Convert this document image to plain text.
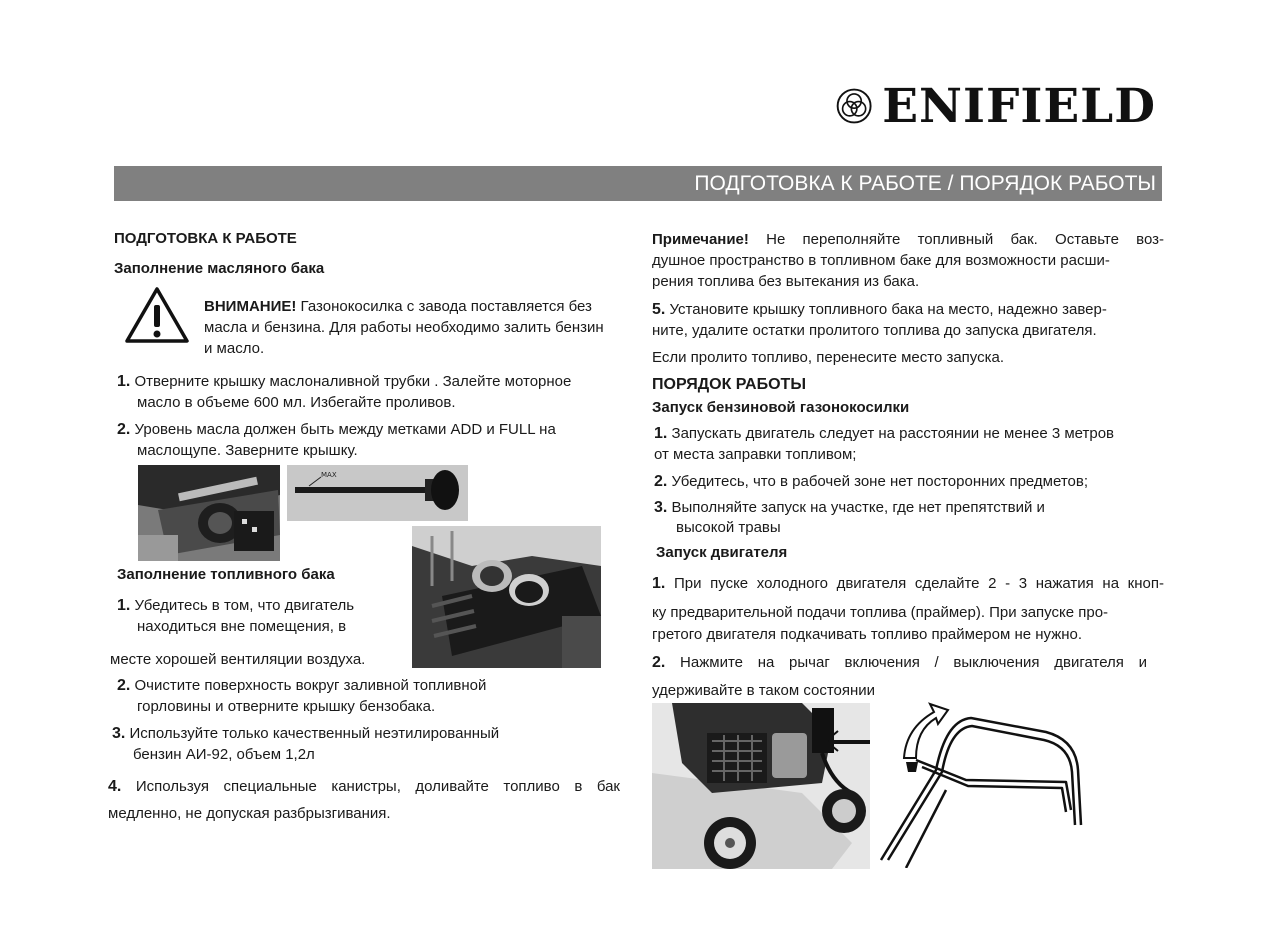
ENIFIELD
ПОДГОТОВКА К РАБОТЕ / ПОРЯДОК РАБОТЫ
ПОДГОТОВКА К РАБОТЕ
Заполнение масляного бака
ВНИМАНИЕ! Газонокосилка с завода поставляется без
масла и бензина. Для работы необходимо залить бензин
и масло.
1. Отверните крышку маслоналивной трубки . Залейте моторное
масло в объеме 600 мл. Избегайте проливов.
2. Уровень масла должен быть между метками ADD и FULL на
маслощупе. Заверните крышку.
MAX
Заполнение топливного бака
1. Убедитесь в том, что двигатель
находиться вне помещения, в
месте хорошей вентиляции воздуха.
2. Очистите поверхность вокруг заливной топливной
горловины и отверните крышку бензобака.
3. Используйте только качественный неэтилированный
бензин АИ-92, объем 1,2л
4. Используя специальные канистры, доливайте топливо в бак
медленно, не допуская разбрызгивания.
Примечание! Не переполняйте топливный бак. Оставьте воз-
душное пространство в топливном баке для возможности расши-
рения топлива без вытекания из бака.
5. Установите крышку топливного бака на место, надежно завер-
ните, удалите остатки пролитого топлива до запуска двигателя.
Если пролито топливо, перенесите место запуска.
ПОРЯДОК РАБОТЫ
Запуск бензиновой газонокосилки
1. Запускать двигатель следует на расстоянии не менее 3 метров
от места заправки топливом;
2. Убедитесь, что в рабочей зоне нет посторонних предметов;
3. Выполняйте запуск на участке, где нет препятствий и
высокой травы
Запуск двигателя
1. При пуске холодного двигателя сделайте 2 - 3 нажатия на кноп-
ку предварительной подачи топлива (праймер). При запуске про-
гретого двигателя подкачивать топливо праймером не нужно.
2. Нажмите на рычаг включения / выключения двигателя и
удерживайте в таком состоянии
